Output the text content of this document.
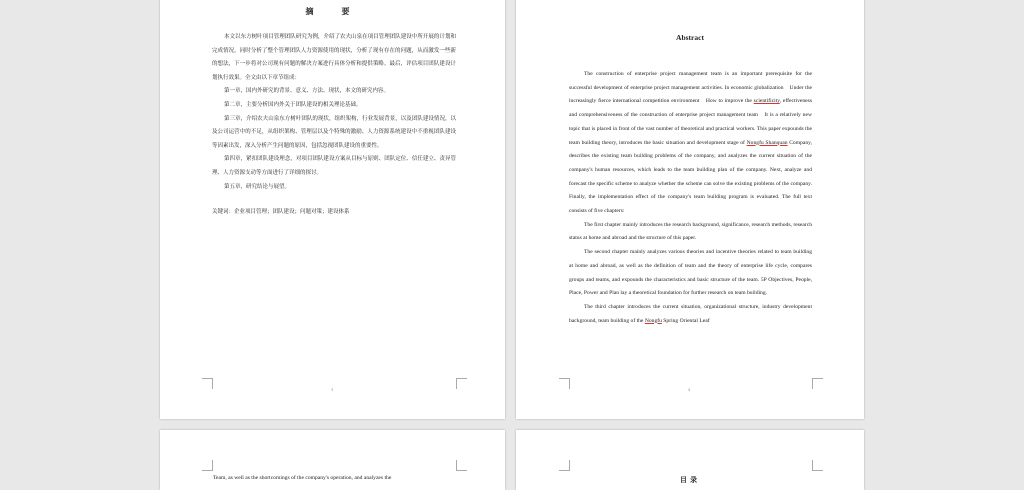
摘　要

本文以东方树叶项目管理团队研究为例，介绍了农夫山泉在项目管理团队建设中所开展的计划和完成情况。同时分析了整个管理团队人力资源使用的现状，分析了现有存在的问题，从而激发一些新的想法，下一步将对公司现有问题的解决方案进行具体分析和提供策略。最后，评估项目团队建设计划执行效果。全文由以下章节组成：

第一章，国内外研究的背景、意义、方法、现状，本文的研究内容。

第二章，主要分析国内外关于团队建设的相关理论基础。

第三章，介绍农夫山泉东方树叶团队的现状，组织架构，行业发展背景，以及团队建设情况，以及公司运营中的不足，从组织架构、管理层以及个特殊的激励、人力资源系统建设中不重视团队建设等因素出发，深入分析产生问题的原因，包括忽视团队建设的重要性。

第四章，紧扣团队建设理念，对项目团队建设方案从目标与原则、团队定位、信任建立、责异管理、人力资源支动等方面进行了详细的探讨。

第五章，研究结论与展望。

关键词：企业项目管理；团队建设；问题对策；建设体系

3
Abstract

The construction of enterprise project management team is an important prerequisite for the successful development of enterprise project management activities. In economic globalization　Under the increasingly fierce international competition environment　How to improve the scientificity, effectiveness and comprehensiveness of the construction of enterprise project management team　It is a relatively new topic that is placed in front of the vast number of theoretical and practical workers. This paper expounds the team building theory, introduces the basic situation and development stage of Nongfu Shanquan Company, describes the existing team building problems of the company, and analyzes the current situation of the company's human resources, which leads to the team building plan of the company. Next, analyze and forecast the specific scheme to analyze whether the scheme can solve the existing problems of the company. Finally, the implementation effect of the company's team building program is evaluated. The full text consists of five chapters:

The first chapter mainly introduces the research background, significance, research methods, research status at home and abroad and the structure of this paper.

The second chapter mainly analyzes various theories and incentive theories related to team building at home and abroad, as well as the definition of team and the theory of enterprise life cycle, compares groups and teams, and expounds the characteristics and basic structure of the team. 5P Objectives, People, Place, Power and Plan lay a theoretical foundation for further research on team building.

The third chapter introduces the current situation, organizational structure, industry development background, team building of the Nongfu Spring Oriental Leaf

4
Team, as well as the shortcomings of the company's operation, and analyzes the	目录
